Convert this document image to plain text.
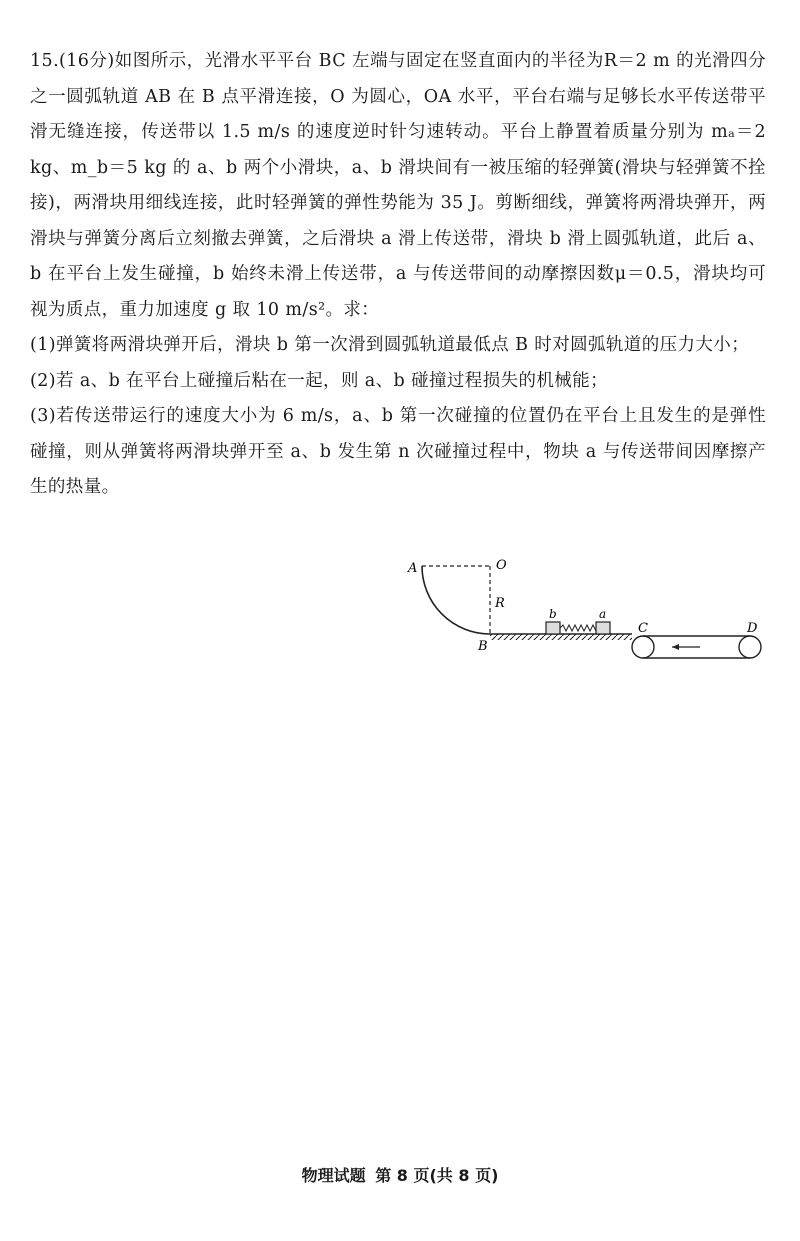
15.(16分)如图所示，光滑水平平台 BC 左端与固定在竖直面内的半径为R＝2 m 的光滑四分之一圆弧轨道 AB 在 B 点平滑连接，O 为圆心，OA 水平，平台右端与足够长水平传送带平滑无缝连接，传送带以 1.5 m/s 的速度逆时针匀速转动。平台上静置着质量分别为 mₐ＝2 kg、m_b＝5 kg 的 a、b 两个小滑块，a、b 滑块间有一被压缩的轻弹簧(滑块与轻弹簧不拴接)，两滑块用细线连接，此时轻弹簧的弹性势能为 35 J。剪断细线，弹簧将两滑块弹开，两滑块与弹簧分离后立刻撤去弹簧，之后滑块 a 滑上传送带，滑块 b 滑上圆弧轨道，此后 a、b 在平台上发生碰撞，b 始终未滑上传送带，a 与传送带间的动摩擦因数μ＝0.5，滑块均可视为质点，重力加速度 g 取 10 m/s²。求：

(1)弹簧将两滑块弹开后，滑块 b 第一次滑到圆弧轨道最低点 B 时对圆弧轨道的压力大小；

(2)若 a、b 在平台上碰撞后粘在一起，则 a、b 碰撞过程损失的机械能；

(3)若传送带运行的速度大小为 6 m/s，a、b 第一次碰撞的位置仍在平台上且发生的是弹性碰撞，则从弹簧将两滑块弹开至 a、b 发生第 n 次碰撞过程中，物块 a 与传送带间因摩擦产生的热量。

A	O
R
B
b	a
C	D
物理试题 第 8 页(共 8 页)
